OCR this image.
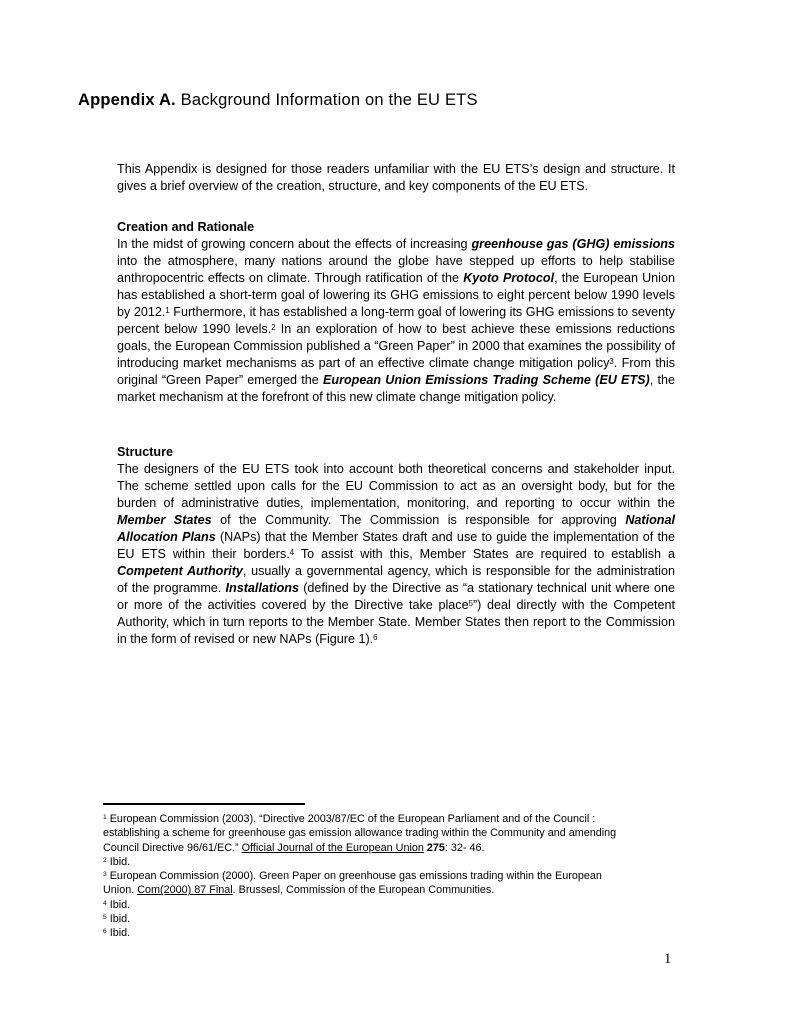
Appendix A. Background Information on the EU ETS

This Appendix is designed for those readers unfamiliar with the EU ETS’s design and structure. It gives a brief overview of the creation, structure, and key components of the EU ETS.

Creation and Rationale

In the midst of growing concern about the effects of increasing greenhouse gas (GHG) emissions into the atmosphere, many nations around the globe have stepped up efforts to help stabilise anthropocentric effects on climate. Through ratification of the Kyoto Protocol, the European Union has established a short-term goal of lowering its GHG emissions to eight percent below 1990 levels by 2012.$^1$ Furthermore, it has established a long-term goal of lowering its GHG emissions to seventy percent below 1990 levels.$^2$ In an exploration of how to best achieve these emissions reductions goals, the European Commission published a “Green Paper” in 2000 that examines the possibility of introducing market mechanisms as part of an effective climate change mitigation policy$^3$. From this original “Green Paper” emerged the European Union Emissions Trading Scheme (EU ETS), the market mechanism at the forefront of this new climate change mitigation policy.

Structure

The designers of the EU ETS took into account both theoretical concerns and stakeholder input. The scheme settled upon calls for the EU Commission to act as an oversight body, but for the burden of administrative duties, implementation, monitoring, and reporting to occur within the Member States of the Community. The Commission is responsible for approving National Allocation Plans (NAPs) that the Member States draft and use to guide the implementation of the EU ETS within their borders.$^4$ To assist with this, Member States are required to establish a Competent Authority, usually a governmental agency, which is responsible for the administration of the programme. Installations (defined by the Directive as “a stationary technical unit where one or more of the activities covered by the Directive take place$^5$”) deal directly with the Competent Authority, which in turn reports to the Member State. Member States then report to the Commission in the form of revised or new NAPs (Figure 1).$^6$

$^1$ European Commission (2003). “Directive 2003/87/EC of the European Parliament and of the Council : establishing a scheme for greenhouse gas emission allowance trading within the Community and amending Council Directive 96/61/EC.” Official Journal of the European Union 275: 32- 46.

$^2$ Ibid.

$^3$ European Commission (2000). Green Paper on greenhouse gas emissions trading within the European Union. Com(2000) 87 Final. Brussesl, Commission of the European Communities.

$^4$ Ibid.

$^5$ Ibid.

$^6$ Ibid.

1
